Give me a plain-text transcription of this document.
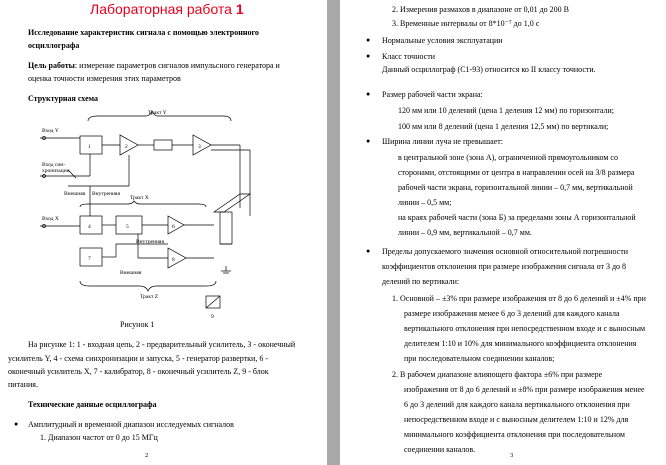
Лабораторная работа 1
Исследование характеристик сигнала с помощью электронного
осциллографа
Цель работы: измерение параметров сигналов импульсного генератора и
оценка точности измерения этих параметров
Структурная схема
Вход Y
Вход син-
хронизации
Внешняя Внутренняя
Вход X
Внутренняя
Внешняя
Тракт Y
Тракт X
Тракт Z
1	2	3
4	5	6
7	8
9
Рисунок 1
На рисунке 1: 1 - входная цепь, 2 - предварительный усилитель, 3 - оконечный
усилитель Y, 4 - схема синхронизации и запуска, 5 - генератор развертки, 6 -
оконечный усилитель X, 7 - калибратор, 8 - оконечный усилитель Z, 9 - блок
питания.
Технические данные осциллографа
● Амплитудный и временной диапазон исследуемых сигналов
1. Диапазон частот от 0 до 15 МГц
2
2. Измерения размахов в диапазоне от 0,01 до 200 В
3. Временные интервалы от 8*10⁻⁷ до 1,0 с
● Нормальные условия эксплуатации
● Класс точности
Данный осциллограф (С1-93) относится ко II классу точности.
● Размер рабочей части экрана:
120 мм или 10 делений (цена 1 деления 12 мм) по горизонтали;
100 мм или 8 делений (цена 1 деления 12,5 мм) по вертикали;
● Ширина линии луча не превышает:
в центральной зоне (зона А), ограниченной прямоугольником со
сторонами, отстоящими от центра в направлении осей на 3/8 размера
рабочей части экрана, горизонтальной линии – 0,7 мм, вертикальной
линии – 0,5 мм;
на краях рабочей части (зона Б) за пределами зоны А горизонтальной
линии – 0,9 мм, вертикальной – 0,7 мм.
● Пределы допускаемого значения основной относительной погрешности
коэффициентов отклонения при размере изображения сигнала от 3 до 8
делений по вертикали:
1. Основной – ±3% при размере изображения от 8 до 6 делений и ±4% при
размере изображения менее 6 до 3 делений для каждого канала
вертикального отклонения при непосредственном входе и с выносным
делителем 1:10 и 10% для минимального коэффициента отклонения
при последовательном соединении каналов;
2. В рабочем диапазоне влияющего фактора ±6% при размере
изображения от 8 до 6 делений и ±8% при размере изображения менее
6 до 3 делений для каждого канала вертикального отклонения при
непосредственном входе и с выносным делителем 1:10 и 12% для
минимального коэффициента отклонения при последовательном
соединении каналов.
3
